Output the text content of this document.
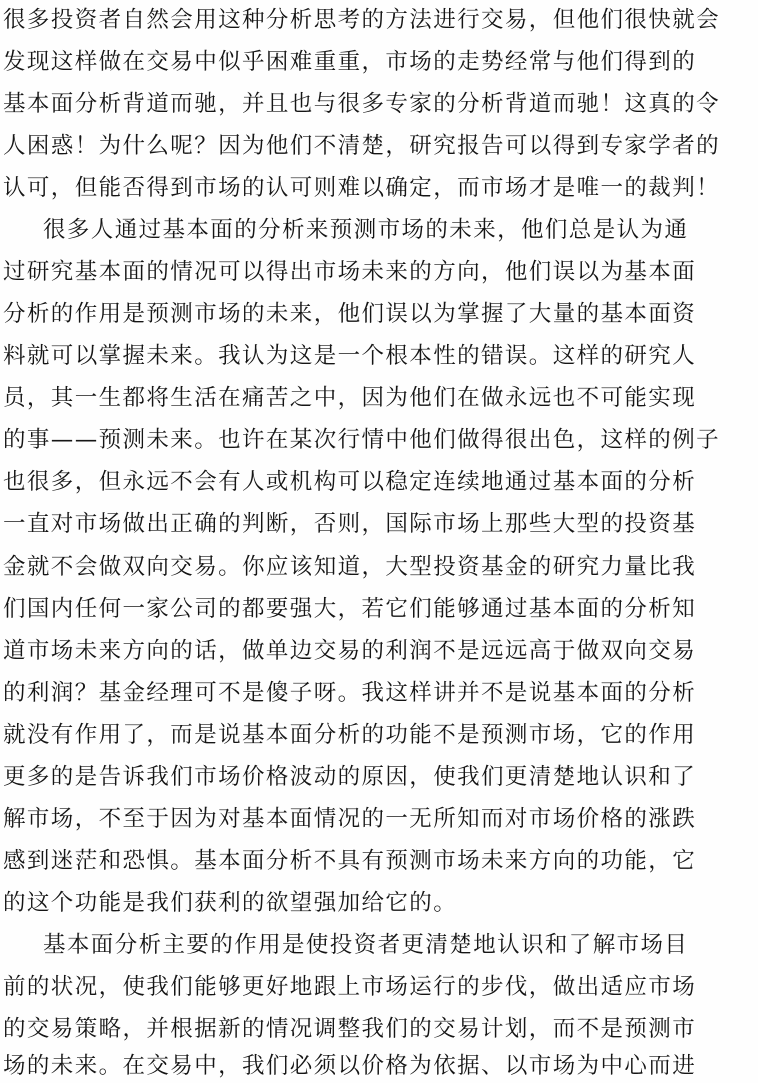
很多投资者自然会用这种分析思考的方法进行交易，但他们很快就会
发现这样做在交易中似乎困难重重，市场的走势经常与他们得到的
基本面分析背道而驰，并且也与很多专家的分析背道而驰！这真的令
人困惑！为什么呢？因为他们不清楚，研究报告可以得到专家学者的
认可，但能否得到市场的认可则难以确定，而市场才是唯一的裁判！
很多人通过基本面的分析来预测市场的未来，他们总是认为通
过研究基本面的情况可以得出市场未来的方向，他们误以为基本面
分析的作用是预测市场的未来，他们误以为掌握了大量的基本面资
料就可以掌握未来。我认为这是一个根本性的错误。这样的研究人
员，其一生都将生活在痛苦之中，因为他们在做永远也不可能实现
的事——预测未来。也许在某次行情中他们做得很出色，这样的例子
也很多，但永远不会有人或机构可以稳定连续地通过基本面的分析
一直对市场做出正确的判断，否则，国际市场上那些大型的投资基
金就不会做双向交易。你应该知道，大型投资基金的研究力量比我
们国内任何一家公司的都要强大，若它们能够通过基本面的分析知
道市场未来方向的话，做单边交易的利润不是远远高于做双向交易
的利润？基金经理可不是傻子呀。我这样讲并不是说基本面的分析
就没有作用了，而是说基本面分析的功能不是预测市场，它的作用
更多的是告诉我们市场价格波动的原因，使我们更清楚地认识和了
解市场，不至于因为对基本面情况的一无所知而对市场价格的涨跌
感到迷茫和恐惧。基本面分析不具有预测市场未来方向的功能，它
的这个功能是我们获利的欲望强加给它的。
基本面分析主要的作用是使投资者更清楚地认识和了解市场目
前的状况，使我们能够更好地跟上市场运行的步伐，做出适应市场
的交易策略，并根据新的情况调整我们的交易计划，而不是预测市
场的未来。在交易中，我们必须以价格为依据、以市场为中心而进
